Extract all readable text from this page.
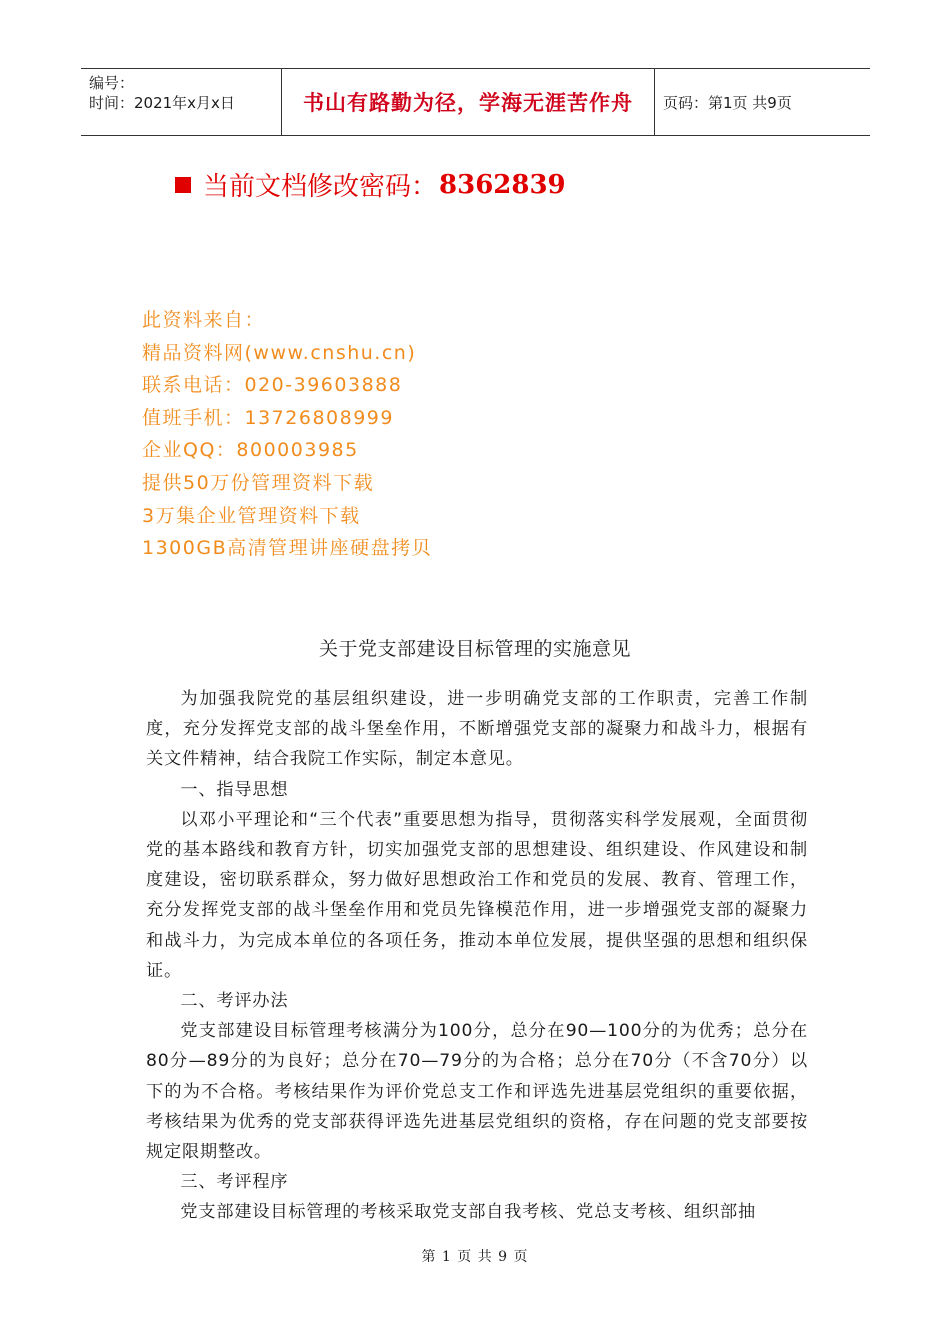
编号：
时间：2021年x月x日	书山有路勤为径，学海无涯苦作舟	页码：第1页 共9页
当前文档修改密码： 8362839
此资料来自：
精品资料网(www.cnshu.cn)
联系电话：020-39603888
值班手机：13726808999
企业QQ：800003985
提供50万份管理资料下载
3万集企业管理资料下载
1300GB高清管理讲座硬盘拷贝
关于党支部建设目标管理的实施意见

为加强我院党的基层组织建设，进一步明确党支部的工作职责，完善工作制度，充分发挥党支部的战斗堡垒作用，不断增强党支部的凝聚力和战斗力，根据有关文件精神，结合我院工作实际，制定本意见。

一、指导思想

以邓小平理论和“三个代表”重要思想为指导，贯彻落实科学发展观，全面贯彻党的基本路线和教育方针，切实加强党支部的思想建设、组织建设、作风建设和制度建设，密切联系群众，努力做好思想政治工作和党员的发展、教育、管理工作，充分发挥党支部的战斗堡垒作用和党员先锋模范作用，进一步增强党支部的凝聚力和战斗力，为完成本单位的各项任务，推动本单位发展，提供坚强的思想和组织保证。

二、考评办法

党支部建设目标管理考核满分为100分，总分在90—100分的为优秀；总分在80分—89分的为良好；总分在70—79分的为合格；总分在70分（不含70分）以下的为不合格。考核结果作为评价党总支工作和评选先进基层党组织的重要依据，考核结果为优秀的党支部获得评选先进基层党组织的资格，存在问题的党支部要按规定限期整改。

三、考评程序

党支部建设目标管理的考核采取党支部自我考核、党总支考核、组织部抽

第 1 页 共 9 页
